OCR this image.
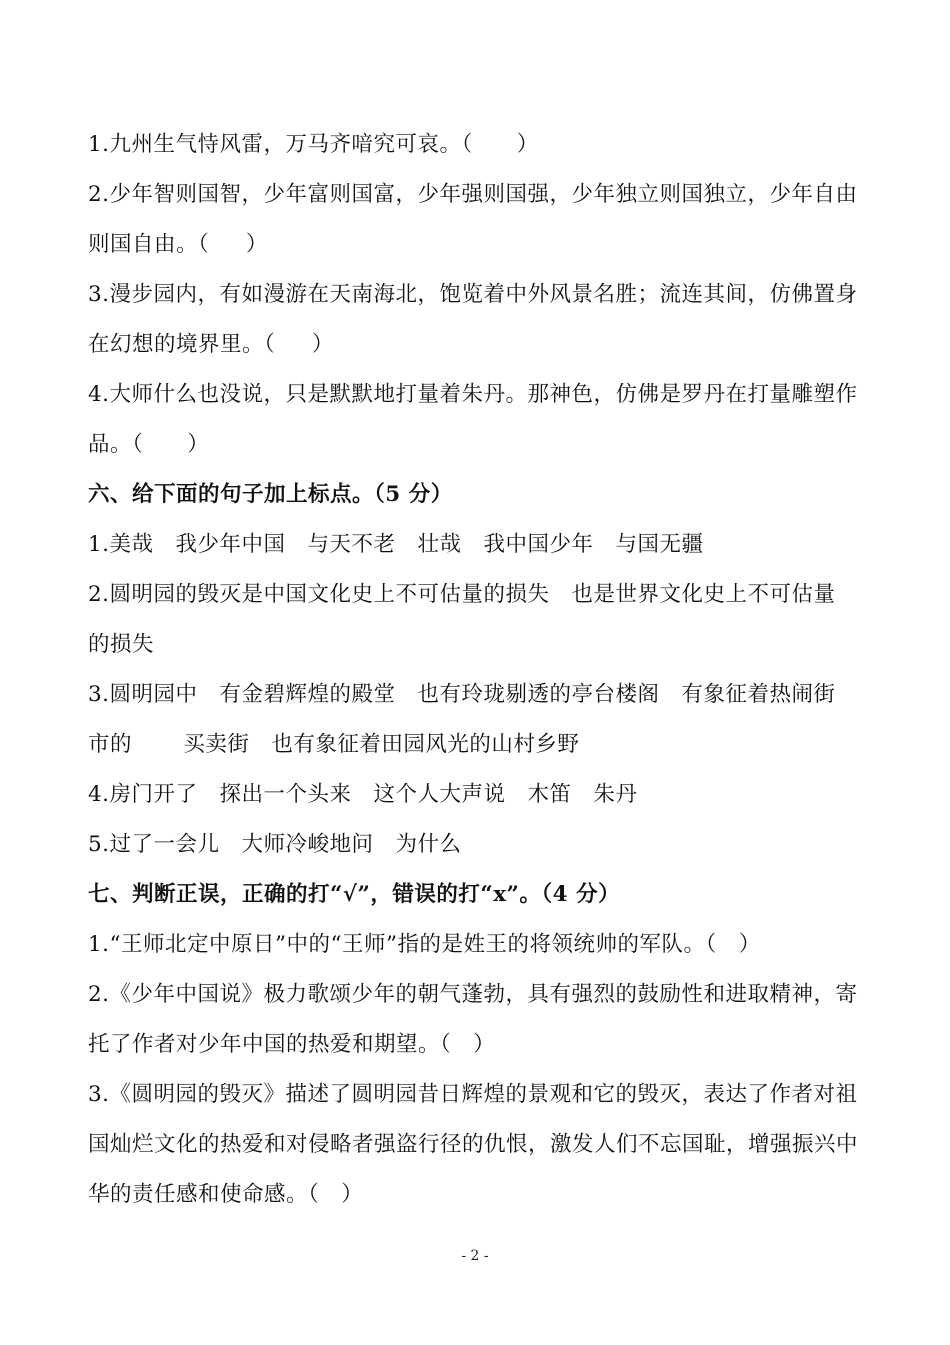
1.九州生气恃风雷，万马齐喑究可哀。（      ）
2.少年智则国智，少年富则国富，少年强则国强，少年独立则国独立，少年自由
则国自由。（     ）
3.漫步园内，有如漫游在天南海北，饱览着中外风景名胜；流连其间，仿佛置身
在幻想的境界里。（     ）
4.大师什么也没说，只是默默地打量着朱丹。那神色，仿佛是罗丹在打量雕塑作
品。（      ）
六、给下面的句子加上标点。（5 分）
1.美哉   我少年中国   与天不老   壮哉   我中国少年   与国无疆
2.圆明园的毁灭是中国文化史上不可估量的损失   也是世界文化史上不可估量
的损失
3.圆明园中   有金碧辉煌的殿堂   也有玲珑剔透的亭台楼阁   有象征着热闹街
市的       买卖街   也有象征着田园风光的山村乡野
4.房门开了   探出一个头来   这个人大声说   木笛   朱丹
5.过了一会儿   大师冷峻地问   为什么
七、判断正误，正确的打“√”，错误的打“x”。（4 分）
1.“王师北定中原日”中的“王师”指的是姓王的将领统帅的军队。（   ）
2.《少年中国说》极力歌颂少年的朝气蓬勃，具有强烈的鼓励性和进取精神，寄
托了作者对少年中国的热爱和期望。（   ）
3.《圆明园的毁灭》描述了圆明园昔日辉煌的景观和它的毁灭，表达了作者对祖
国灿烂文化的热爱和对侵略者强盗行径的仇恨，激发人们不忘国耻，增强振兴中
华的责任感和使命感。（   ）
- 2 -
